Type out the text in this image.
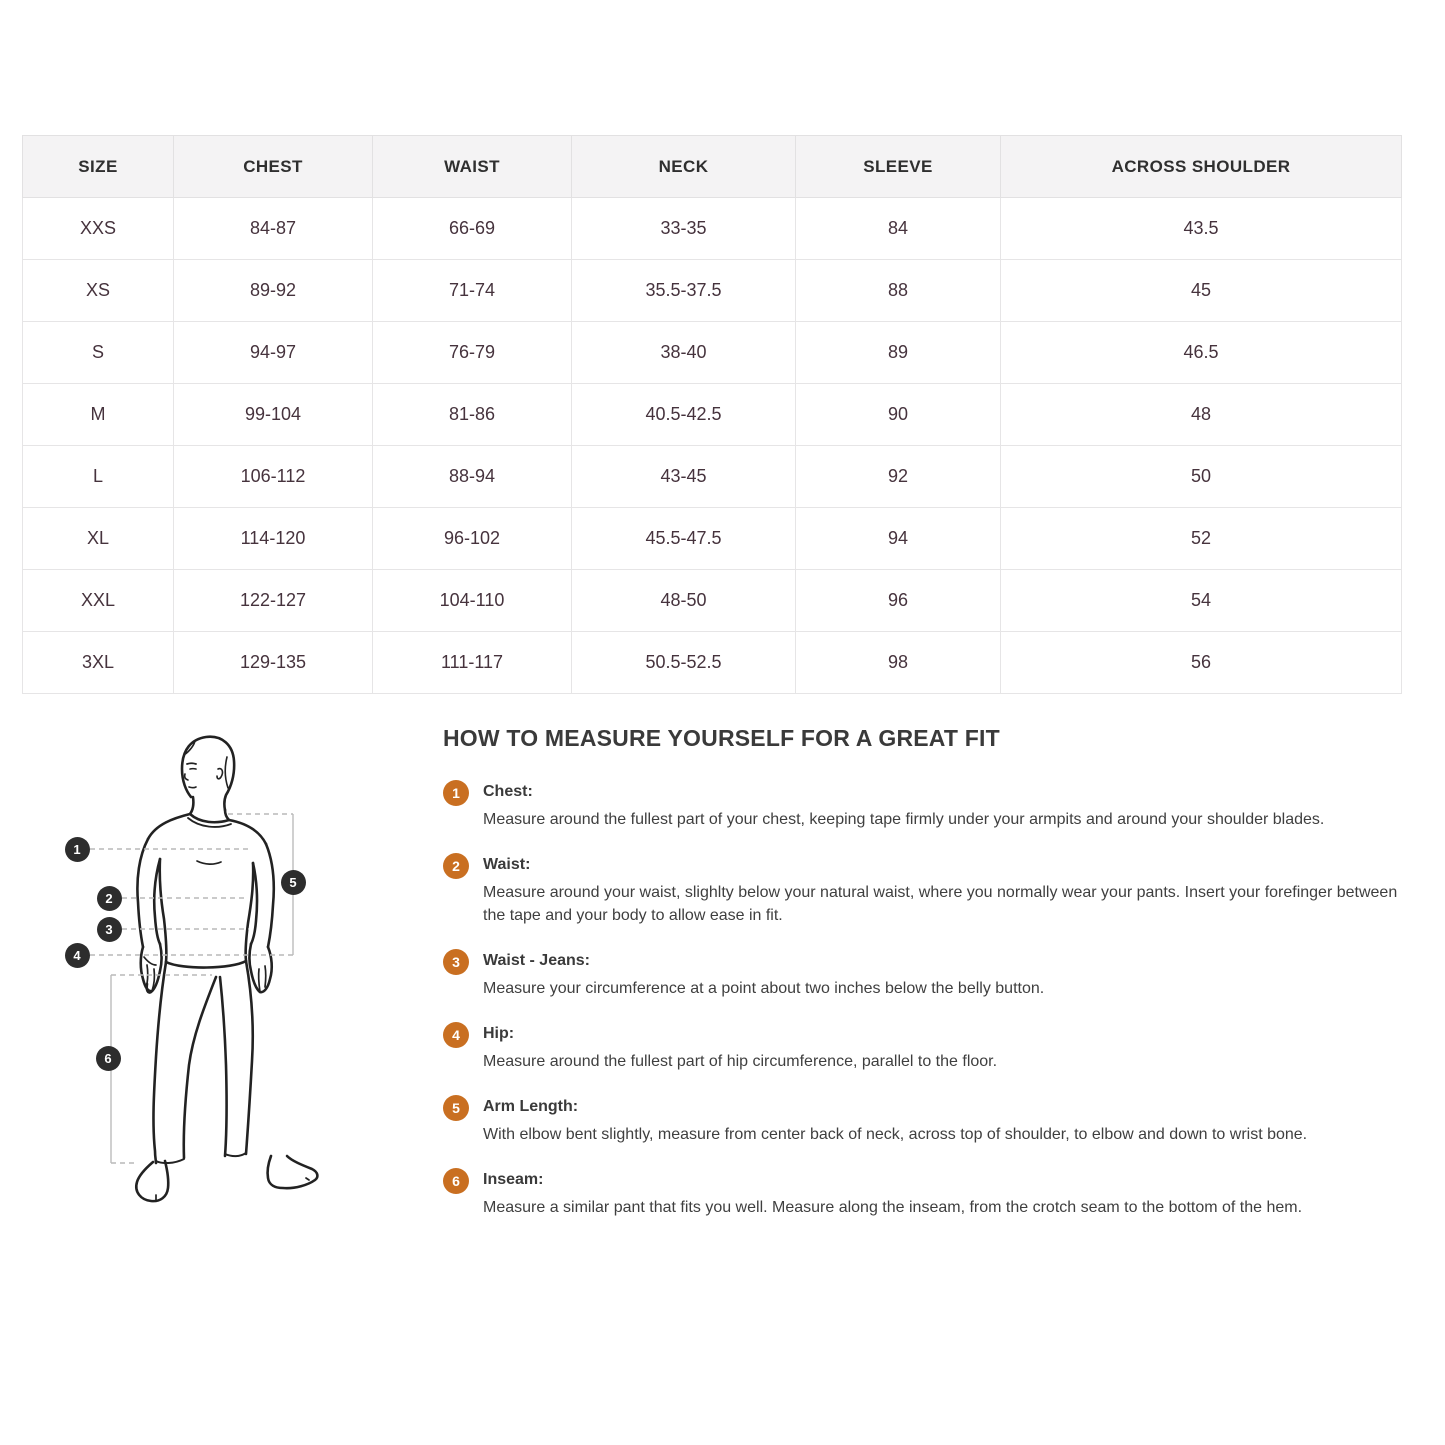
SIZE	CHEST	WAIST	NECK	SLEEVE	ACROSS SHOULDER
XXS	84-87	66-69	33-35	84	43.5
XS	89-92	71-74	35.5-37.5	88	45
S	94-97	76-79	38-40	89	46.5
M	99-104	81-86	40.5-42.5	90	48
L	106-112	88-94	43-45	92	50
XL	114-120	96-102	45.5-47.5	94	52
XXL	122-127	104-110	48-50	96	54
3XL	129-135	111-117	50.5-52.5	98	56
1
2
3
4
5
6
HOW TO MEASURE YOURSELF FOR A GREAT FIT
1	Chest:
Measure around the fullest part of your chest, keeping tape firmly under your armpits and around your shoulder blades.
2	Waist:
Measure around your waist, slighlty below your natural waist, where you normally wear your pants. Insert your forefinger between the tape and your body to allow ease in fit.
3	Waist - Jeans:
Measure your circumference at a point about two inches below the belly button.
4	Hip:
Measure around the fullest part of hip circumference, parallel to the floor.
5	Arm Length:
With elbow bent slightly, measure from center back of neck, across top of shoulder, to elbow and down to wrist bone.
6	Inseam:
Measure a similar pant that fits you well. Measure along the inseam, from the crotch seam to the bottom of the hem.
